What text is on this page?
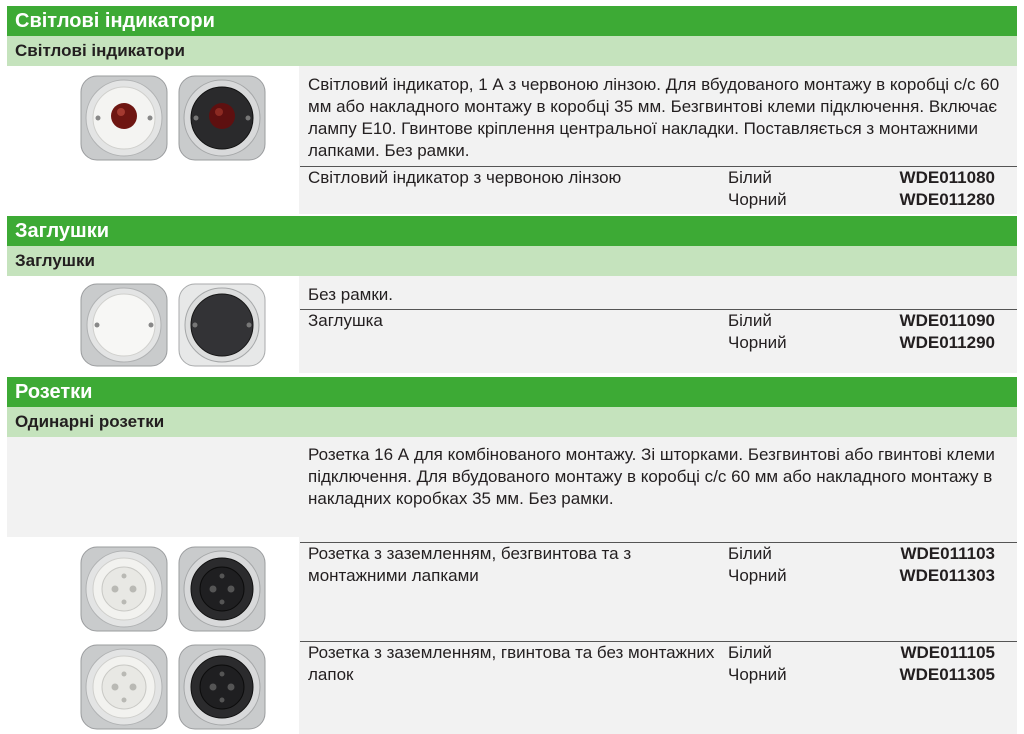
Світлові індикатори
Світлові індикатори
Світловий індикатор, 1 А з червоною лінзою. Для вбудованого монтажу в коробці с/с 60 мм або накладного монтажу в коробці 35 мм. Безгвинтові клеми підключення. Включає лампу Е10. Гвинтове кріплення центральної накладки. Поставляється з монтажними лапками. Без рамки.
Світловий індикатор з червоною лінзою	Білий
Чорний
WDE011080
WDE011280
Заглушки
Заглушки
Без рамки.
Заглушка	Білий
Чорний
WDE011090
WDE011290
Розетки
Одинарні розетки
Розетка 16 А для комбінованого монтажу. Зі шторками. Безгвинтові або гвинтові клеми підключення. Для вбудованого монтажу в коробці с/с 60 мм або накладного монтажу в накладних коробках 35 мм. Без рамки.
Розетка з заземленням, безгвинтова та з монтажними лапками
Білий
Чорний
WDE011103
WDE011303
Розетка з заземленням, гвинтова та без монтажних лапок
Білий
Чорний
WDE011105
WDE011305
